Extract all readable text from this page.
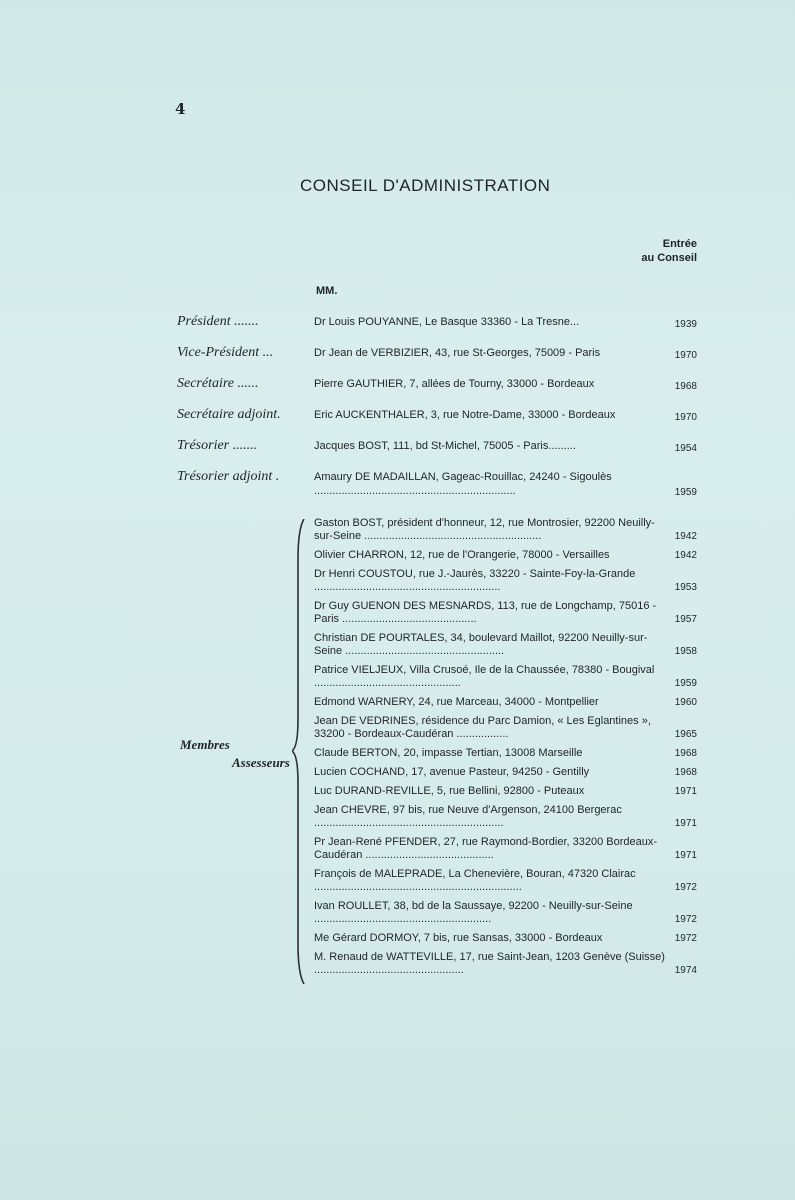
4
CONSEIL D'ADMINISTRATION
Entrée
au Conseil
MM.
Président .......	Dr Louis POUYANNE, Le Basque 33360 - La Tresne...	1939
Vice-Président ...	Dr Jean de VERBIZIER, 43, rue St-Georges, 75009 - Paris	1970
Secrétaire ......	Pierre GAUTHIER, 7, allées de Tourny, 33000 - Bordeaux	1968
Secrétaire adjoint.	Eric AUCKENTHALER, 3, rue Notre-Dame, 33000 - Bordeaux	1970
Trésorier .......	Jacques BOST, 111, bd St-Michel, 75005 - Paris.........	1954
Trésorier adjoint .	Amaury DE MADAILLAN, Gageac-Rouillac, 24240 - Sigoulès ..................................................................	1959
Membres
Assesseurs
Gaston BOST, président d'honneur, 12, rue Montrosier, 92200 Neuilly-sur-Seine ..........................................................	1942
Olivier CHARRON, 12, rue de l'Orangerie, 78000 - Versailles	1942
Dr Henri COUSTOU, rue J.-Jaurès, 33220 - Sainte-Foy-la-Grande .............................................................	1953
Dr Guy GUENON DES MESNARDS, 113, rue de Longchamp, 75016 - Paris ............................................	1957
Christian DE POURTALES, 34, boulevard Maillot, 92200 Neuilly-sur-Seine ....................................................	1958
Patrice VIELJEUX, Villa Crusoé, Ile de la Chaussée, 78380 - Bougival ................................................	1959
Edmond WARNERY, 24, rue Marceau, 34000 - Montpellier	1960
Jean DE VEDRINES, résidence du Parc Damion, « Les Eglantines », 33200 - Bordeaux-Caudéran .................	1965
Claude BERTON, 20, impasse Tertian, 13008 Marseille	1968
Lucien COCHAND, 17, avenue Pasteur, 94250 - Gentilly	1968
Luc DURAND-REVILLE, 5, rue Bellini, 92800 - Puteaux	1971
Jean CHEVRE, 97 bis, rue Neuve d'Argenson, 24100 Bergerac ..............................................................	1971
Pr Jean-René PFENDER, 27, rue Raymond-Bordier, 33200 Bordeaux-Caudéran ..........................................	1971
François de MALEPRADE, La Chenevière, Bouran, 47320 Clairac ....................................................................	1972
Ivan ROULLET, 38, bd de la Saussaye, 92200 - Neuilly-sur-Seine ..........................................................	1972
Me Gérard DORMOY, 7 bis, rue Sansas, 33000 - Bordeaux	1972
M. Renaud de WATTEVILLE, 17, rue Saint-Jean, 1203 Genève (Suisse) .................................................	1974
